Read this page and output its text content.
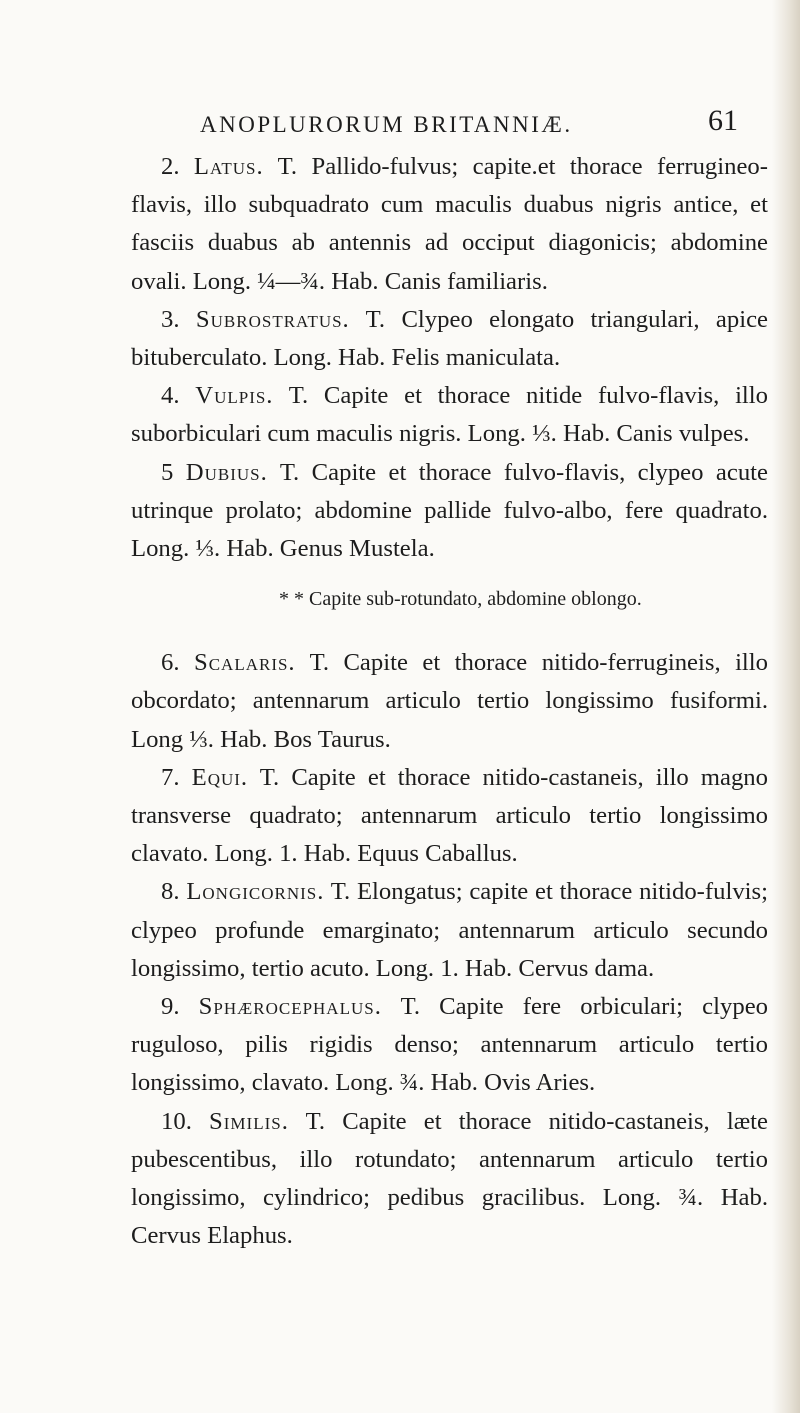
ANOPLURORUM BRITANNIÆ.	61

2. Latus. T. Pallido-fulvus; capite.et thorace ferrugineo-flavis, illo subquadrato cum maculis duabus nigris antice, et fasciis duabus ab antennis ad occiput diagonicis; abdomine ovali. Long. ¼—¾. Hab. Canis familiaris.

3. Subrostratus. T. Clypeo elongato triangulari, apice bituberculato. Long. Hab. Felis maniculata.

4. Vulpis. T. Capite et thorace nitide fulvo-flavis, illo suborbiculari cum maculis nigris. Long. ⅓. Hab. Canis vulpes.

5 Dubius. T. Capite et thorace fulvo-flavis, clypeo acute utrinque prolato; abdomine pallide fulvo-albo, fere quadrato. Long. ⅓. Hab. Genus Mustela.

* * Capite sub-rotundato, abdomine oblongo.

6. Scalaris. T. Capite et thorace nitido-ferrugineis, illo obcordato; antennarum articulo tertio longissimo fusiformi. Long ⅓. Hab. Bos Taurus.

7. Equi. T. Capite et thorace nitido-castaneis, illo magno transverse quadrato; antennarum articulo tertio longissimo clavato. Long. 1. Hab. Equus Caballus.

8. Longicornis. T. Elongatus; capite et thorace nitido-fulvis; clypeo profunde emarginato; antennarum articulo secundo longissimo, tertio acuto. Long. 1. Hab. Cervus dama.

9. Sphærocephalus. T. Capite fere orbiculari; clypeo ruguloso, pilis rigidis denso; antennarum articulo tertio longissimo, clavato. Long. ¾. Hab. Ovis Aries.

10. Similis. T. Capite et thorace nitido-castaneis, læte pubescentibus, illo rotundato; antennarum articulo tertio longissimo, cylindrico; pedibus gracilibus. Long. ¾. Hab. Cervus Elaphus.
